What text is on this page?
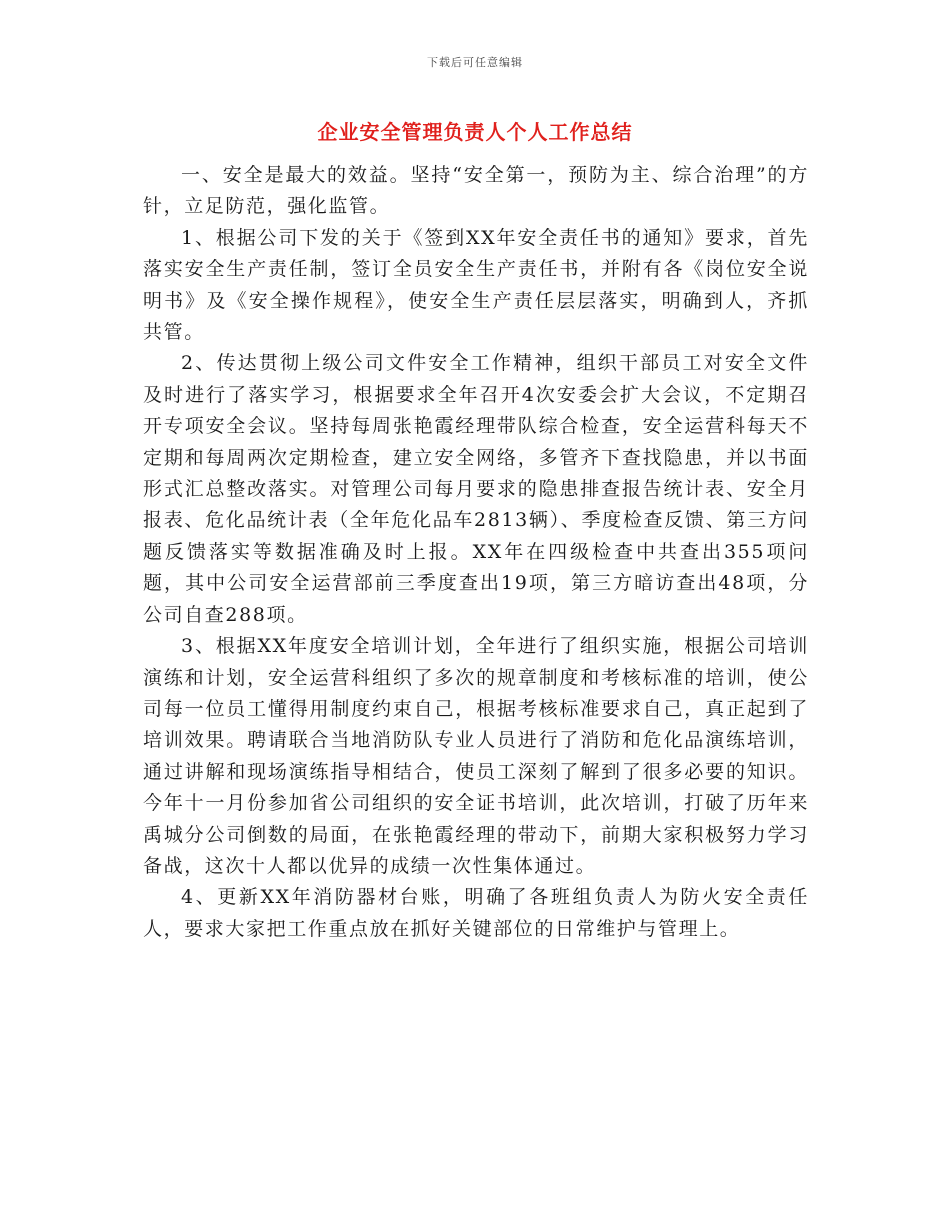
下载后可任意编辑
企业安全管理负责人个人工作总结

一、安全是最大的效益。坚持“安全第一，预防为主、综合治理”的方针，立足防范，强化监管。

1、根据公司下发的关于《签到XX年安全责任书的通知》要求，首先落实安全生产责任制，签订全员安全生产责任书，并附有各《岗位安全说明书》及《安全操作规程》，使安全生产责任层层落实，明确到人，齐抓共管。

2、传达贯彻上级公司文件安全工作精神，组织干部员工对安全文件及时进行了落实学习，根据要求全年召开4次安委会扩大会议，不定期召开专项安全会议。坚持每周张艳霞经理带队综合检查，安全运营科每天不定期和每周两次定期检查，建立安全网络，多管齐下查找隐患，并以书面形式汇总整改落实。对管理公司每月要求的隐患排查报告统计表、安全月报表、危化品统计表（全年危化品车2813辆）、季度检查反馈、第三方问题反馈落实等数据准确及时上报。XX年在四级检查中共查出355项问题，其中公司安全运营部前三季度查出19项，第三方暗访查出48项，分公司自查288项。

3、根据XX年度安全培训计划，全年进行了组织实施，根据公司培训演练和计划，安全运营科组织了多次的规章制度和考核标准的培训，使公司每一位员工懂得用制度约束自己，根据考核标准要求自己，真正起到了培训效果。聘请联合当地消防队专业人员进行了消防和危化品演练培训，通过讲解和现场演练指导相结合，使员工深刻了解到了很多必要的知识。今年十一月份参加省公司组织的安全证书培训，此次培训，打破了历年来禹城分公司倒数的局面，在张艳霞经理的带动下，前期大家积极努力学习备战，这次十人都以优异的成绩一次性集体通过。

4、更新XX年消防器材台账，明确了各班组负责人为防火安全责任人，要求大家把工作重点放在抓好关键部位的日常维护与管理上。
